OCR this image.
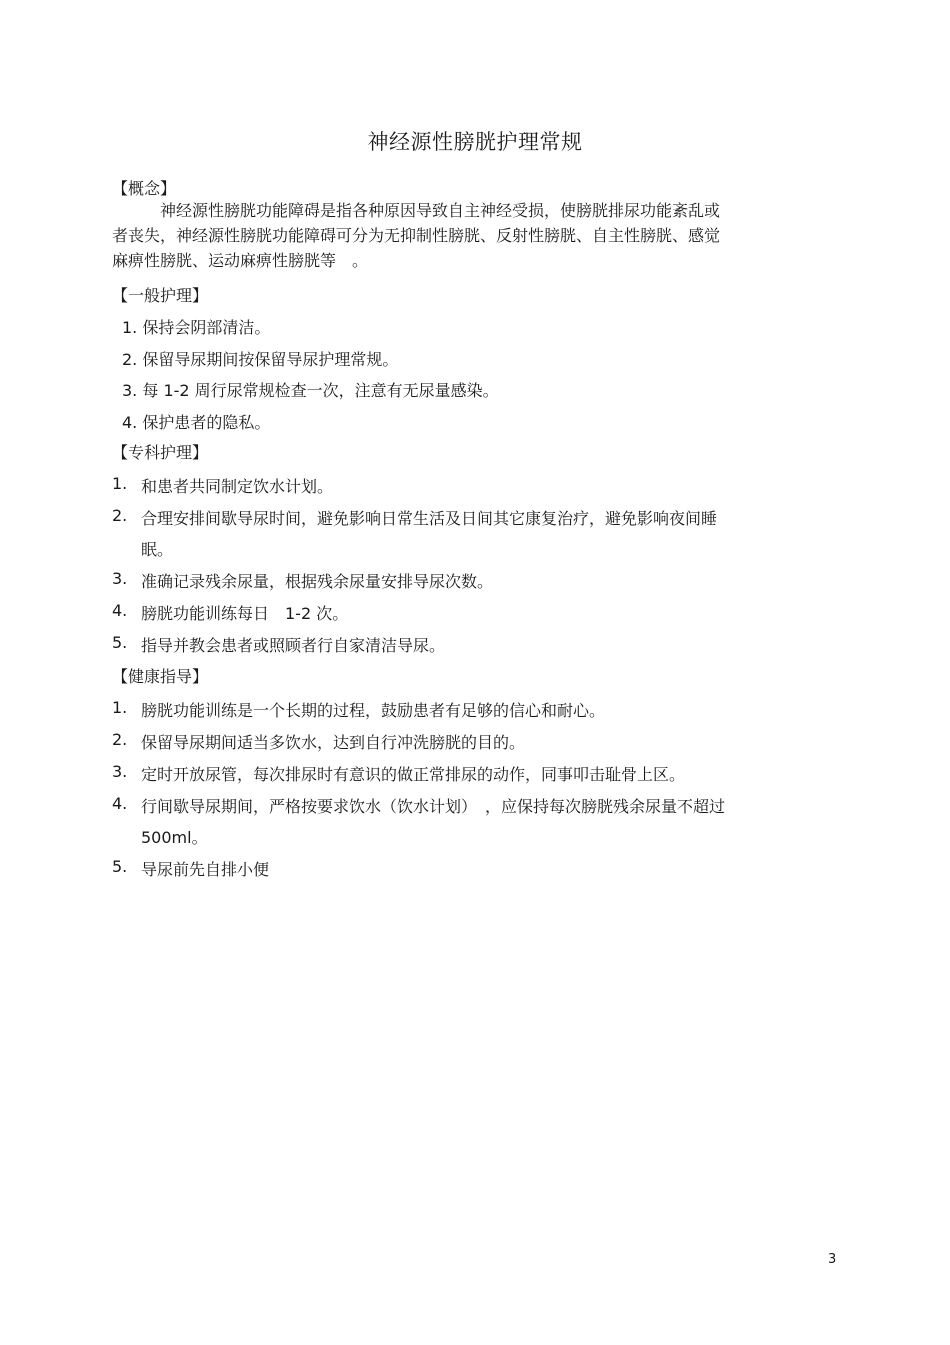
神经源性膀胱护理常规
【概念】
神经源性膀胱功能障碍是指各种原因导致自主神经受损，使膀胱排尿功能紊乱或
者丧失，神经源性膀胱功能障碍可分为无抑制性膀胱、反射性膀胱、自主性膀胱、感觉
麻痹性膀胱、运动麻痹性膀胱等　。
【一般护理】
1. 保持会阴部清洁。
2. 保留导尿期间按保留导尿护理常规。
3. 每 1-2 周行尿常规检查一次，注意有无尿量感染。
4. 保护患者的隐私。
【专科护理】
1. 和患者共同制定饮水计划。
2. 合理安排间歇导尿时间，避免影响日常生活及日间其它康复治疗，避免影响夜间睡
眠。
3. 准确记录残余尿量，根据残余尿量安排导尿次数。
4. 膀胱功能训练每日　1-2 次。
5. 指导并教会患者或照顾者行自家清洁导尿。
【健康指导】
1. 膀胱功能训练是一个长期的过程，鼓励患者有足够的信心和耐心。
2. 保留导尿期间适当多饮水，达到自行冲洗膀胱的目的。
3. 定时开放尿管，每次排尿时有意识的做正常排尿的动作，同事叩击耻骨上区。
4. 行间歇导尿期间，严格按要求饮水（饮水计划）　，应保持每次膀胱残余尿量不超过
500ml。
5. 导尿前先自排小便
3
